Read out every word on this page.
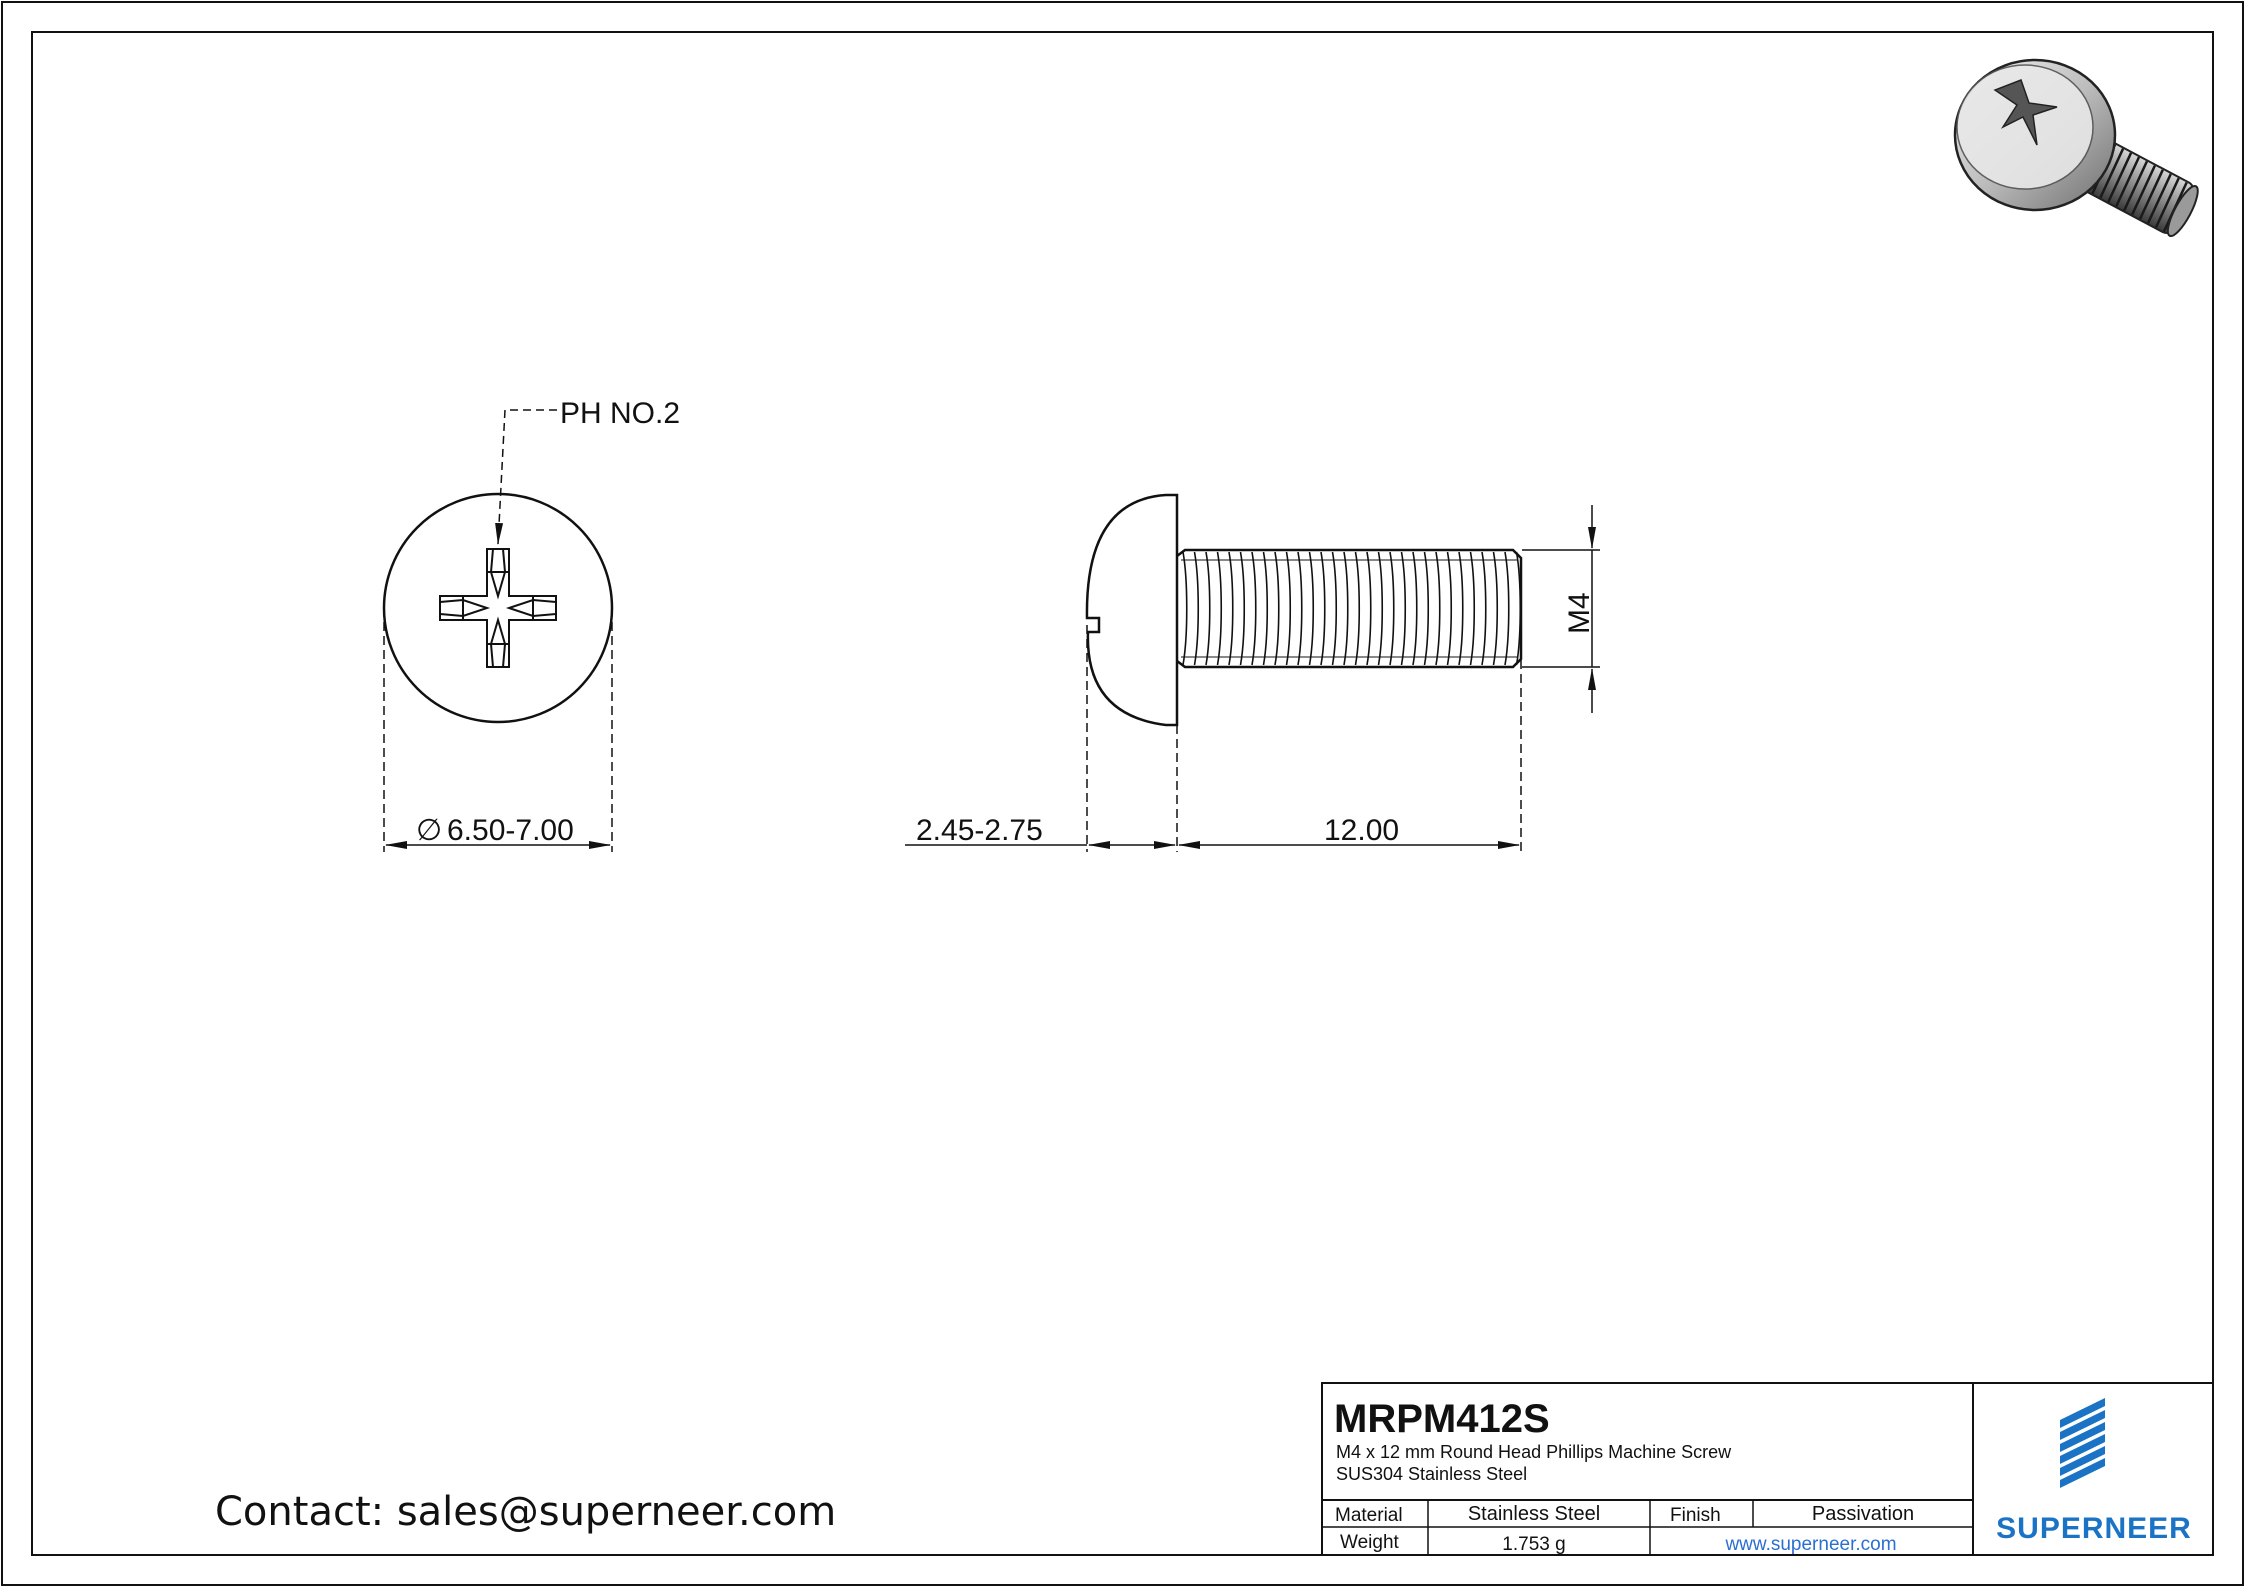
PH NO.2
∅ 6.50-7.00	2.45-2.75	12.00
M4
Contact: sales@superneer.com
MRPM412S
M4 x 12 mm Round Head Phillips Machine Screw
SUS304 Stainless Steel
Material	Stainless Steel	Finish	Passivation
Weight	1.753 g	www.superneer.com	SUPERNEER
